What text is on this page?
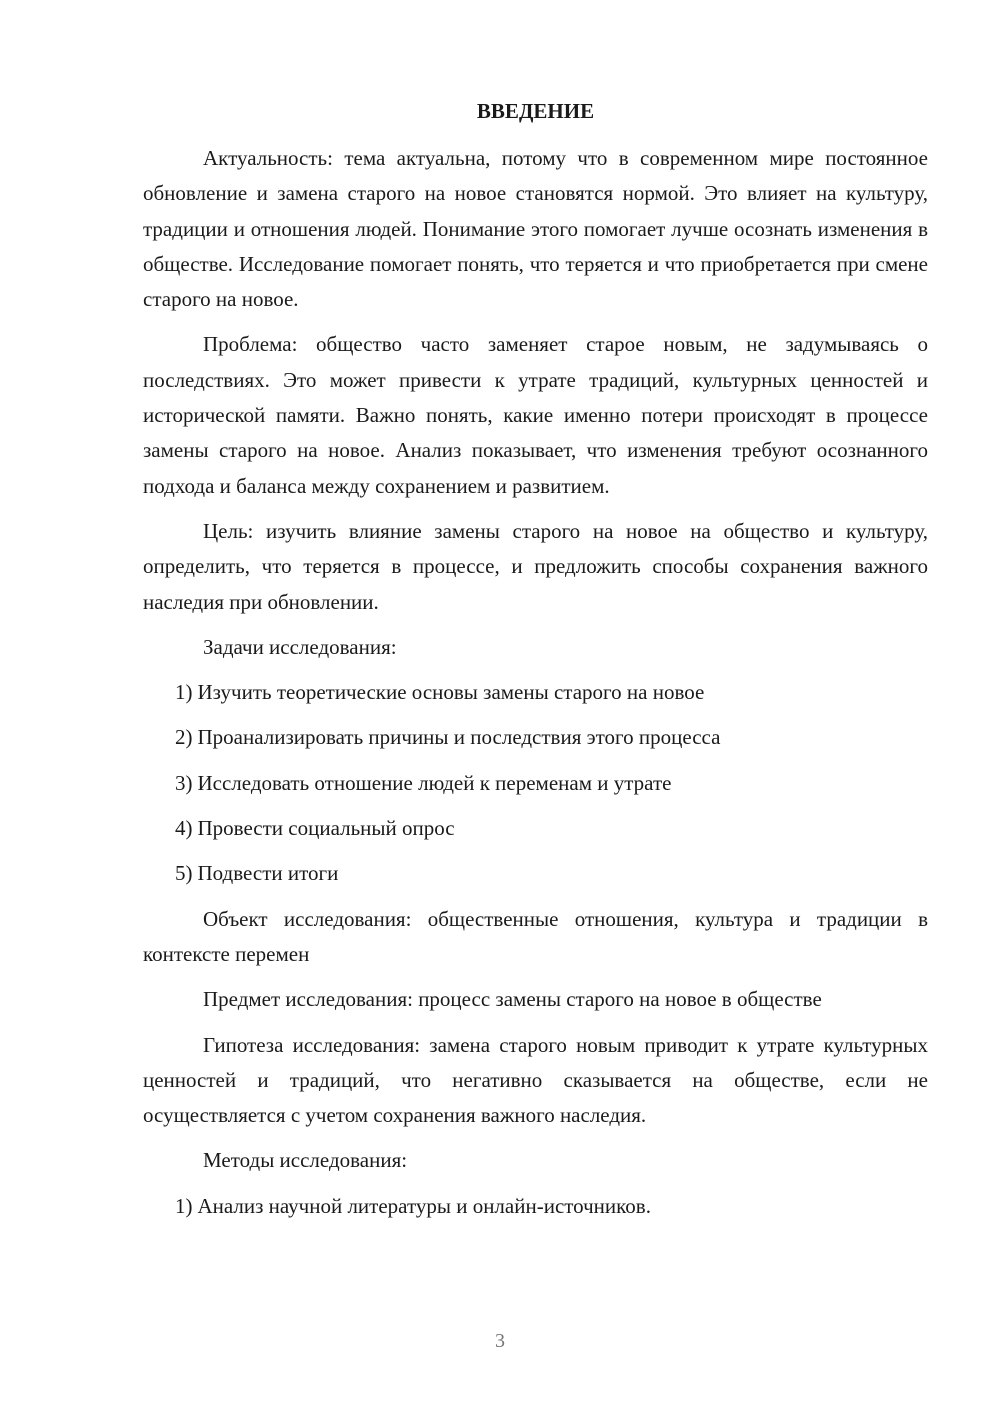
ВВЕДЕНИЕ

Актуальность: тема актуальна, потому что в современном мире постоянное обновление и замена старого на новое становятся нормой. Это влияет на культуру, традиции и отношения людей. Понимание этого помогает лучше осознать изменения в обществе. Исследование помогает понять, что теряется и что приобретается при смене старого на новое.

Проблема: общество часто заменяет старое новым, не задумываясь о последствиях. Это может привести к утрате традиций, культурных ценностей и исторической памяти. Важно понять, какие именно потери происходят в процессе замены старого на новое. Анализ показывает, что изменения требуют осознанного подхода и баланса между сохранением и развитием.

Цель: изучить влияние замены старого на новое на общество и культуру, определить, что теряется в процессе, и предложить способы сохранения важного наследия при обновлении.

Задачи исследования:

1) Изучить теоретические основы замены старого на новое
2) Проанализировать причины и последствия этого процесса
3) Исследовать отношение людей к переменам и утрате
4) Провести социальный опрос
5) Подвести итоги

Объект исследования: общественные отношения, культура и традиции в контексте перемен

Предмет исследования: процесс замены старого на новое в обществе

Гипотеза исследования: замена старого новым приводит к утрате культурных ценностей и традиций, что негативно сказывается на обществе, если не осуществляется с учетом сохранения важного наследия.

Методы исследования:

1) Анализ научной литературы и онлайн-источников.
3
